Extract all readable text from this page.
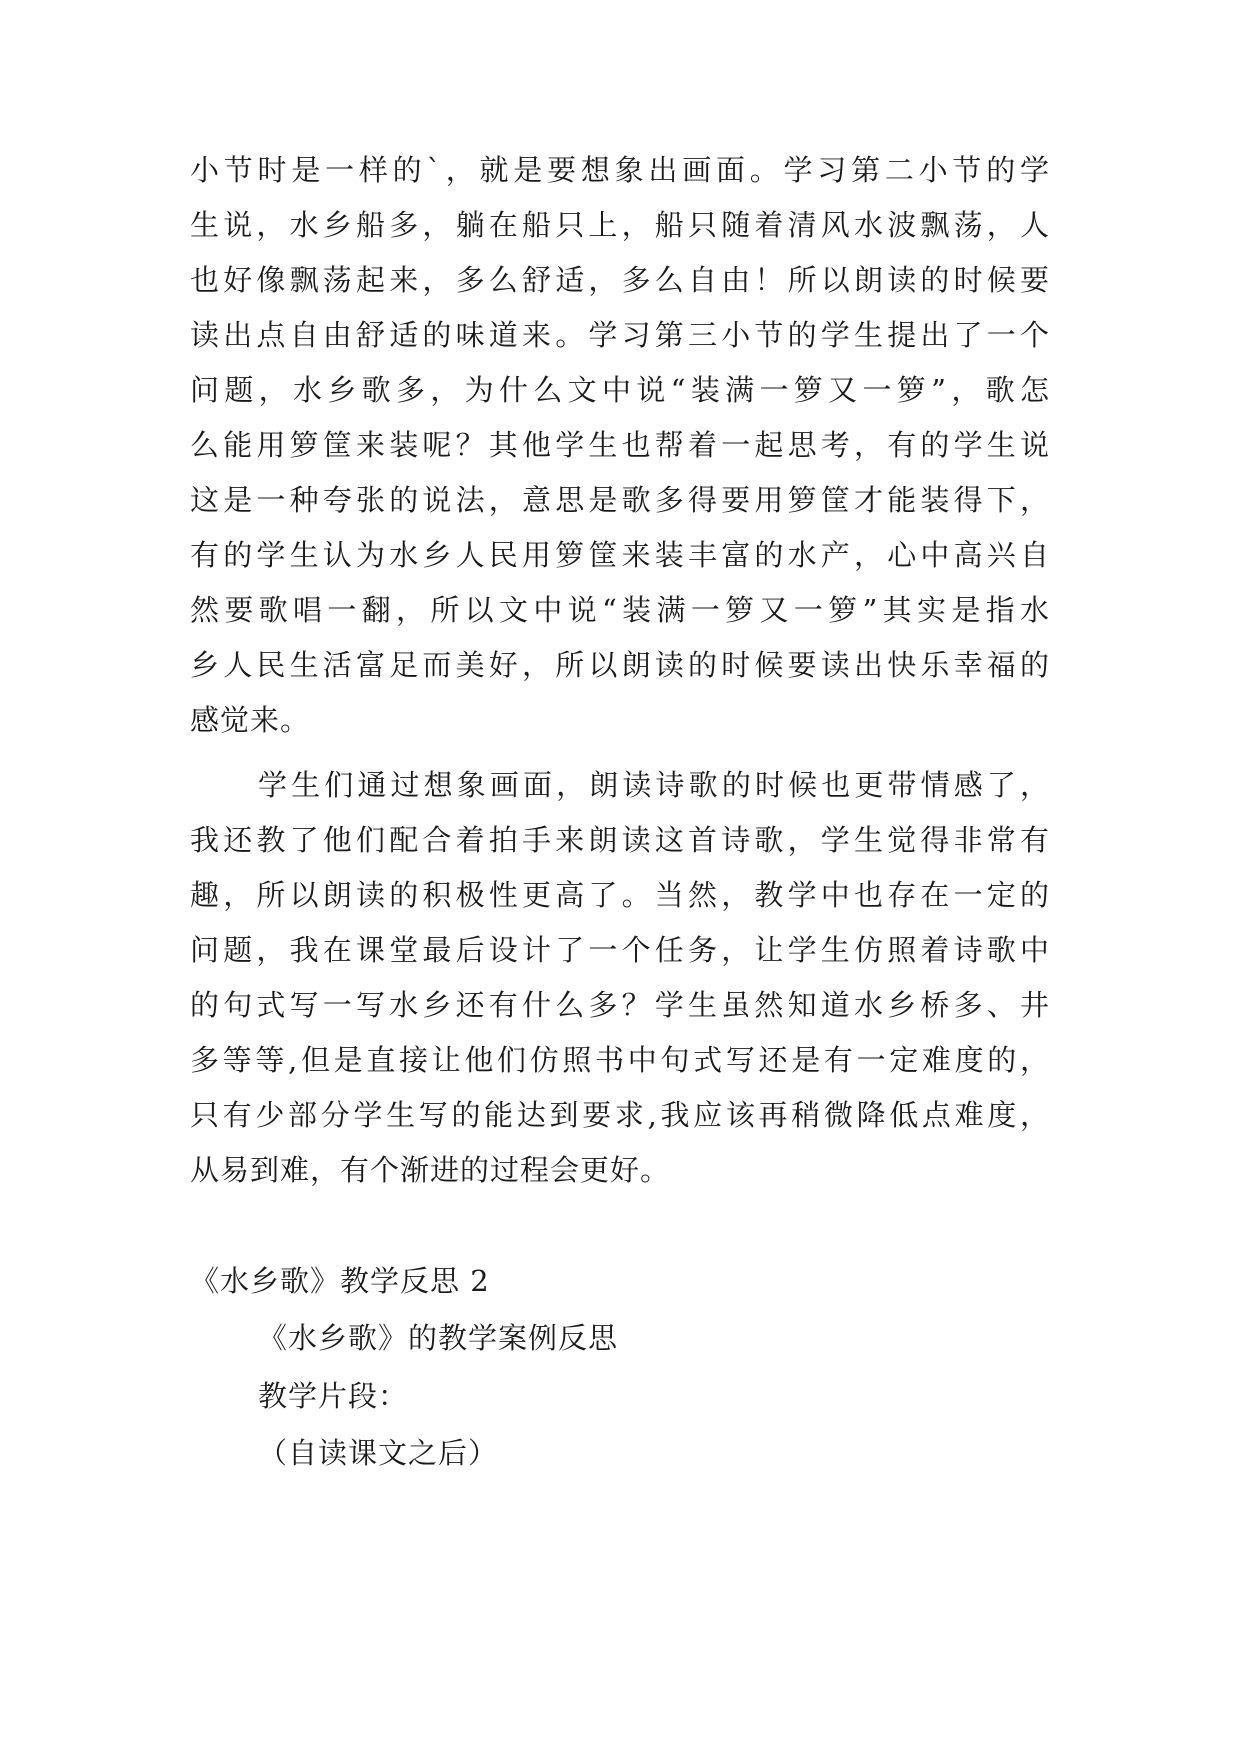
小节时是一样的`，就是要想象出画面。学习第二小节的学
生说，水乡船多，躺在船只上，船只随着清风水波飘荡，人
也好像飘荡起来，多么舒适，多么自由！所以朗读的时候要
读出点自由舒适的味道来。学习第三小节的学生提出了一个
问题，水乡歌多，为什么文中说“装满一箩又一箩”，歌怎
么能用箩筐来装呢？其他学生也帮着一起思考，有的学生说
这是一种夸张的说法，意思是歌多得要用箩筐才能装得下，
有的学生认为水乡人民用箩筐来装丰富的水产，心中高兴自
然要歌唱一翻，所以文中说“装满一箩又一箩”其实是指水
乡人民生活富足而美好，所以朗读的时候要读出快乐幸福的
感觉来。
学生们通过想象画面，朗读诗歌的时候也更带情感了，
我还教了他们配合着拍手来朗读这首诗歌，学生觉得非常有
趣，所以朗读的积极性更高了。当然，教学中也存在一定的
问题，我在课堂最后设计了一个任务，让学生仿照着诗歌中
的句式写一写水乡还有什么多？学生虽然知道水乡桥多、井
多等等,但是直接让他们仿照书中句式写还是有一定难度的，
只有少部分学生写的能达到要求,我应该再稍微降低点难度，
从易到难，有个渐进的过程会更好。
《水乡歌》教学反思 2
《水乡歌》的教学案例反思
教学片段：
（自读课文之后）
